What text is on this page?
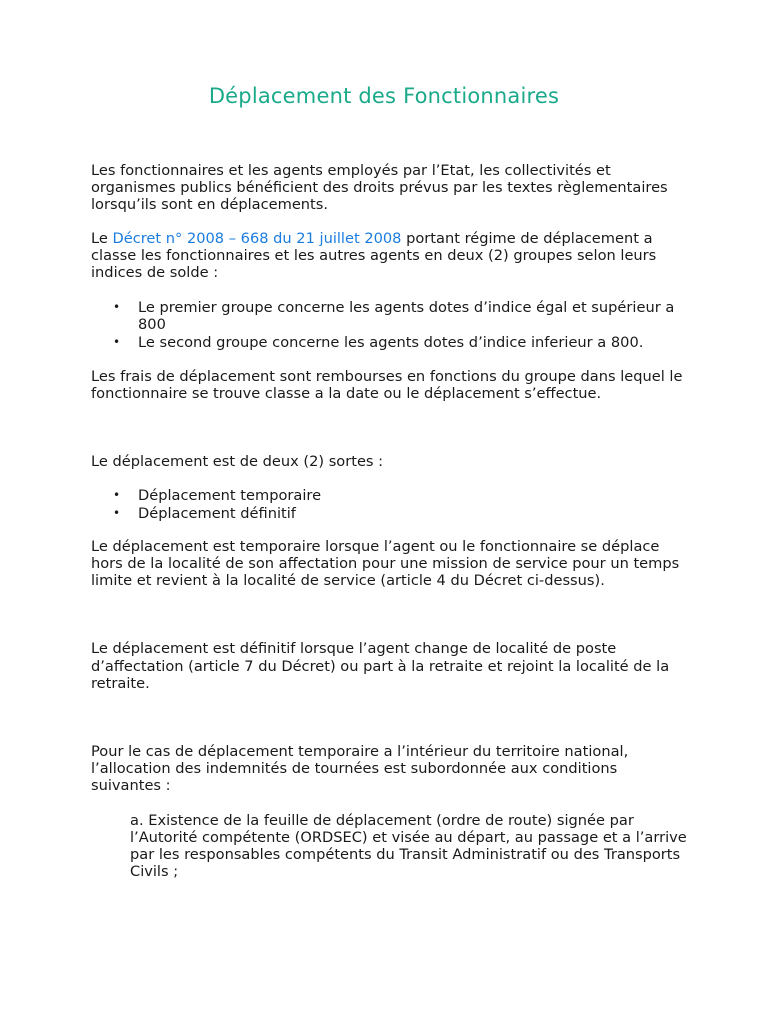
Déplacement des Fonctionnaires

Les fonctionnaires et les agents employés par l’Etat, les collectivités et organismes publics bénéficient des droits prévus par les textes règlementaires lorsqu’ils sont en déplacements.

Le Décret n° 2008 – 668 du 21 juillet 2008 portant régime de déplacement a classe les fonctionnaires et les autres agents en deux (2) groupes selon leurs indices de solde :

• Le premier groupe concerne les agents dotes d’indice égal et supérieur a 800
• Le second groupe concerne les agents dotes d’indice inferieur a 800.

Les frais de déplacement sont rembourses en fonctions du groupe dans lequel le fonctionnaire se trouve classe a la date ou le déplacement s’effectue.

Le déplacement est de deux (2) sortes :

• Déplacement temporaire
• Déplacement définitif

Le déplacement est temporaire lorsque l’agent ou le fonctionnaire se déplace hors de la localité de son affectation pour une mission de service pour un temps limite et revient à la localité de service (article 4 du Décret ci-dessus).

Le déplacement est définitif lorsque l’agent change de localité de poste d’affectation (article 7 du Décret) ou part à la retraite et rejoint la localité de la retraite.

Pour le cas de déplacement temporaire a l’intérieur du territoire national, l’allocation des indemnités de tournées est subordonnée aux conditions suivantes :

a. Existence de la feuille de déplacement (ordre de route) signée par l’Autorité compétente (ORDSEC) et visée au départ, au passage et a l’arrive par les responsables compétents du Transit Administratif ou des Transports Civils ;
